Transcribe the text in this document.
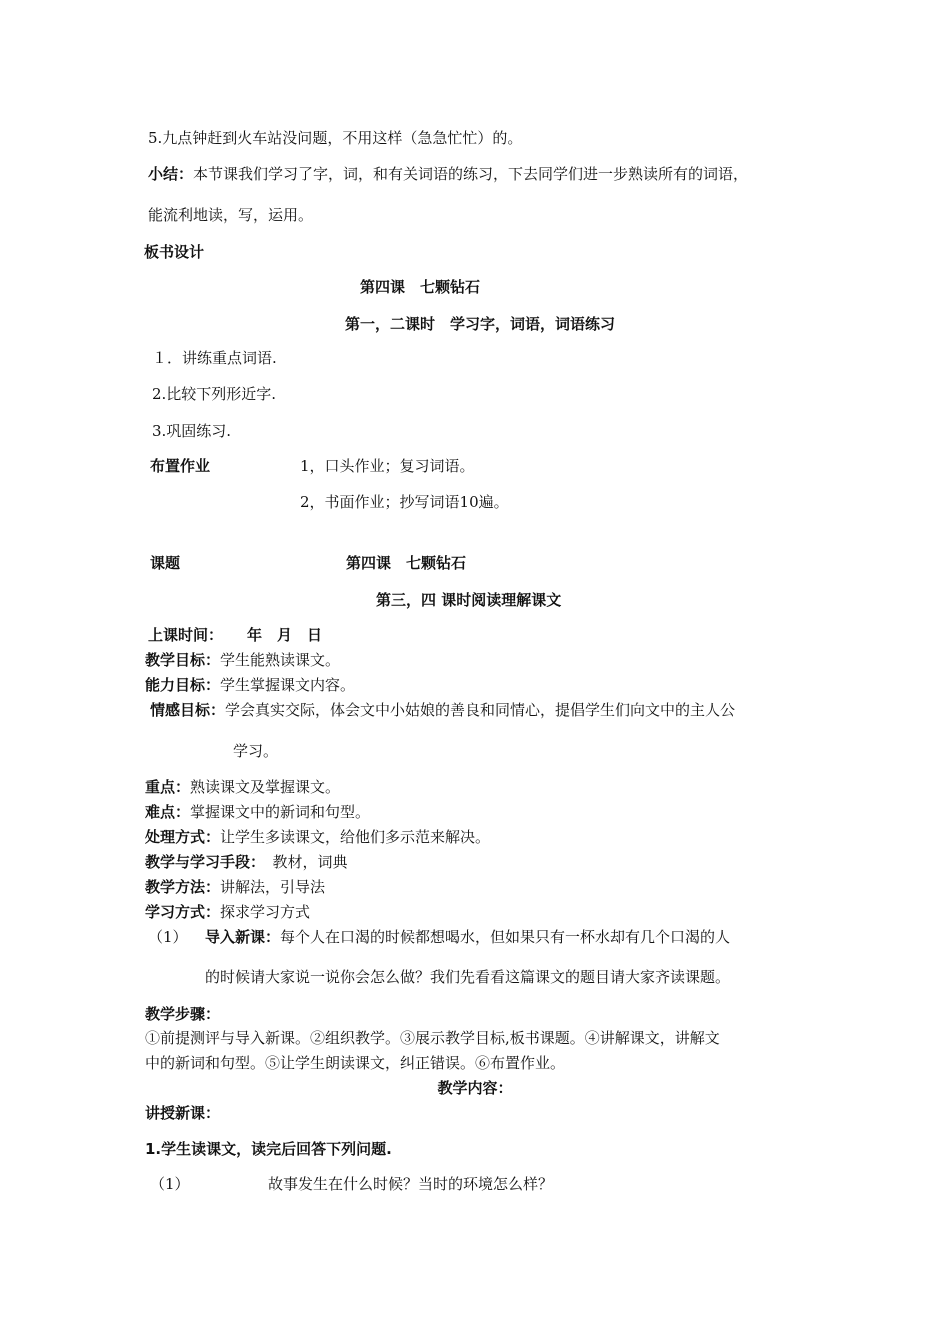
5.九点钟赶到火车站没问题，不用这样（急急忙忙）的。
小结：本节课我们学习了字，词，和有关词语的练习，下去同学们进一步熟读所有的词语，
能流利地读，写，运用。
板书设计
第四课　七颗钻石
第一，二课时　学习字，词语，词语练习
１．讲练重点词语.
2.比较下列形近字.
3.巩固练习.
布置作业	1，口头作业；复习词语。
2，书面作业；抄写词语10遍。
课题	第四课　七颗钻石
第三，四 课时阅读理解课文
上课时间： 年　月　日
教学目标：学生能熟读课文。
能力目标：学生掌握课文内容。
情感目标：学会真实交际，体会文中小姑娘的善良和同情心，提倡学生们向文中的主人公
学习。
重点：熟读课文及掌握课文。
难点：掌握课文中的新词和句型。
处理方式：让学生多读课文，给他们多示范来解决。
教学与学习手段：　教材，词典
教学方法：讲解法，引导法
学习方式：探求学习方式
（1） 导入新课：每个人在口渴的时候都想喝水，但如果只有一杯水却有几个口渴的人
的时候请大家说一说你会怎么做？我们先看看这篇课文的题目请大家齐读课题。
教学步骤：
①前提测评与导入新课。②组织教学。③展示教学目标,板书课题。④讲解课文，讲解文
中的新词和句型。⑤让学生朗读课文，纠正错误。⑥布置作业。
教学内容：
讲授新课：
1.学生读课文，读完后回答下列问题.
（1）	故事发生在什么时候？当时的环境怎么样？
